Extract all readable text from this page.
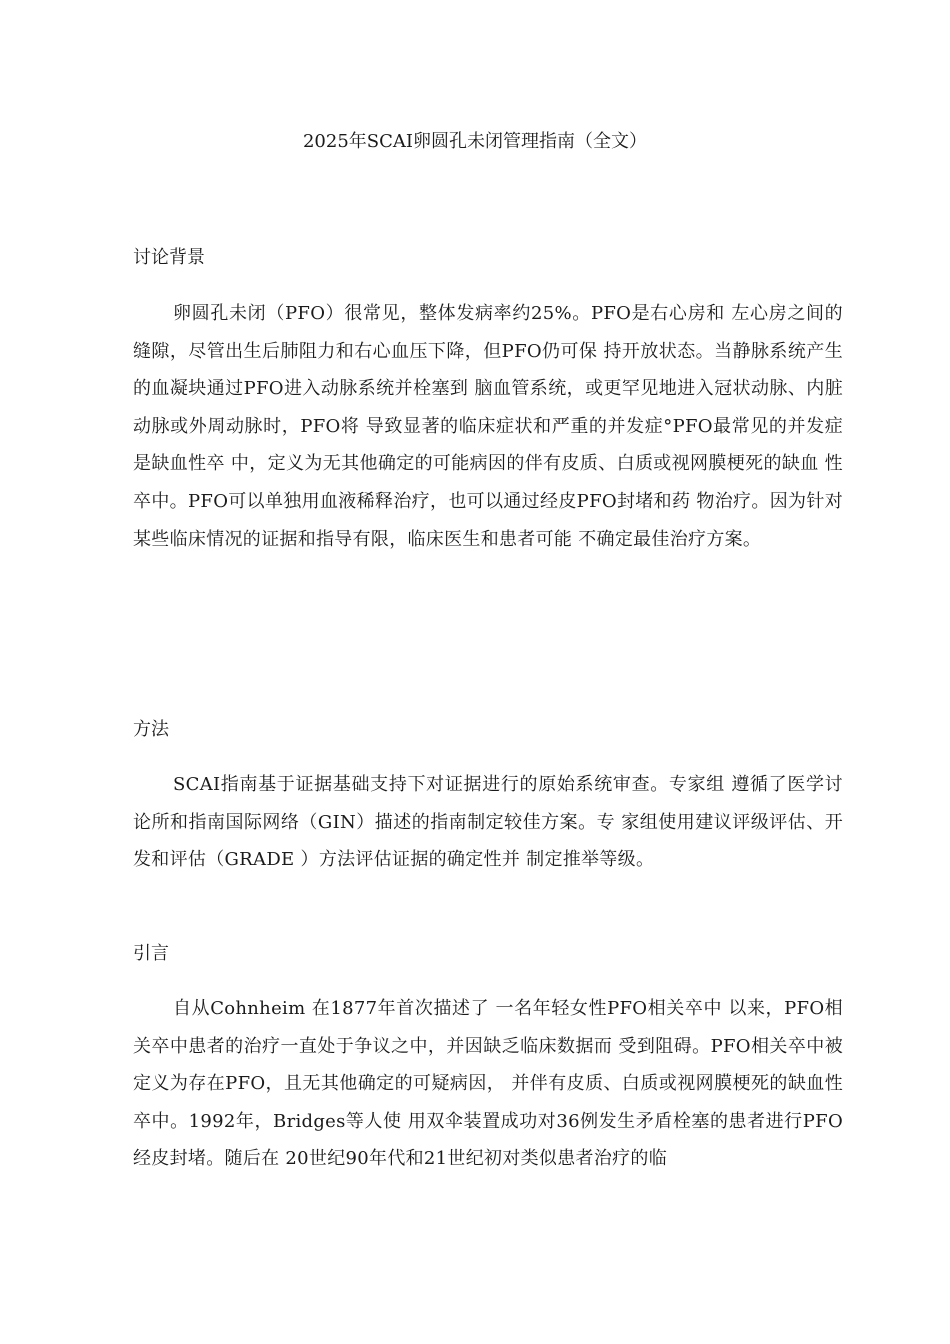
2025年SCAI卵圆孔未闭管理指南（全文）
讨论背景

卵圆孔未闭（PFO）很常见，整体发病率约25%。PFO是右心房和 左心房之间的缝隙，尽管出生后肺阻力和右心血压下降，但PFO仍可保 持开放状态。当静脉系统产生的血凝块通过PFO进入动脉系统并栓塞到 脑血管系统，或更罕见地进入冠状动脉、内脏动脉或外周动脉时，PFO将 导致显著的临床症状和严重的并发症°PFO最常见的并发症是缺血性卒 中，定义为无其他确定的可能病因的伴有皮质、白质或视网膜梗死的缺血 性卒中。PFO可以单独用血液稀释治疗，也可以通过经皮PFO封堵和药 物治疗。因为针对某些临床情况的证据和指导有限，临床医生和患者可能 不确定最佳治疗方案。

方法

SCAI指南基于证据基础支持下对证据进行的原始系统审查。专家组 遵循了医学讨论所和指南国际网络（GIN）描述的指南制定较佳方案。专 家组使用建议评级评估、开发和评估（GRADE ）方法评估证据的确定性并 制定推举等级。

引言

自从Cohnheim 在1877年首次描述了 一名年轻女性PFO相关卒中 以来，PFO相关卒中患者的治疗一直处于争议之中，并因缺乏临床数据而 受到阻碍。PFO相关卒中被定义为存在PFO，且无其他确定的可疑病因， 并伴有皮质、白质或视网膜梗死的缺血性卒中。1992年，Bridges等人使 用双伞装置成功对36例发生矛盾栓塞的患者进行PFO经皮封堵。随后在 20世纪90年代和21世纪初对类似患者治疗的临
